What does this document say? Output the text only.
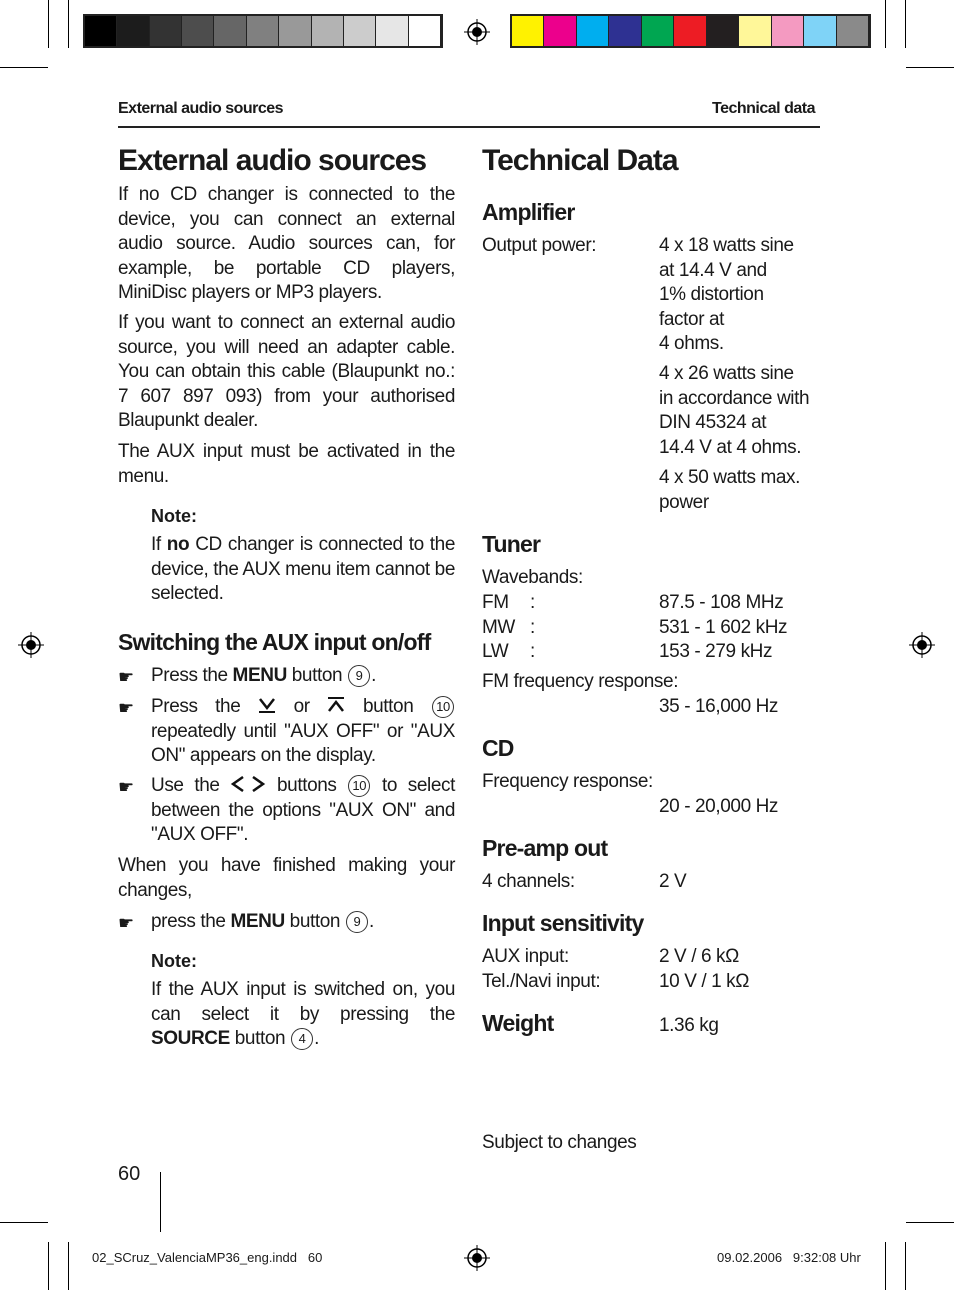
External audio sources	Technical data
External audio sources

If no CD changer is connected to the device, you can connect an external audio source. Audio sources can, for example, be portable CD players, MiniDisc players or MP3 players.

If you want to connect an external audio source, you will need an adapter cable. You can obtain this cable (Blaupunkt no.: 7 607 897 093) from your authorised Blaupunkt dealer.

The AUX input must be activated in the menu.

Note:

If no CD changer is connected to the device, the AUX menu item cannot be selected.

Switching the AUX input on/off
☛ Press the MENU button 9 .

☛ Press the  or  button 10 repeatedly until "AUX OFF" or "AUX ON" appears on the display.

☛ Use the  buttons 10 to select between the options "AUX ON" and "AUX OFF".

When you have finished making your changes,

☛ press the MENU button 9 .

Note:

If the AUX input is switched on, you can select it by pressing the SOURCE button 4 .

Technical Data
Amplifier

Output power:	4 x 18 watts sine
at 14.4 V and
1% distortion
factor at
4 ohms.
4 x 26 watts sine
in accordance with
DIN 45324 at
14.4 V at 4 ohms.
4 x 50 watts max.
power
Tuner

Wavebands:

FM :	87.5 - 108 MHz

MW :	531 - 1 602 kHz

LW :	153 - 279 kHz

FM frequency response:

35 - 16,000 Hz

CD

Frequency response:

20 - 20,000 Hz

Pre-amp out

4 channels:	2 V

Input sensitivity

AUX input:	2 V / 6 kΩ

Tel./Navi input:	10 V / 1 kΩ

Weight	1.36 kg

Subject to changes

60
02_SCruz_ValenciaMP36_eng.indd   60	09.02.2006   9:32:08 Uhr
